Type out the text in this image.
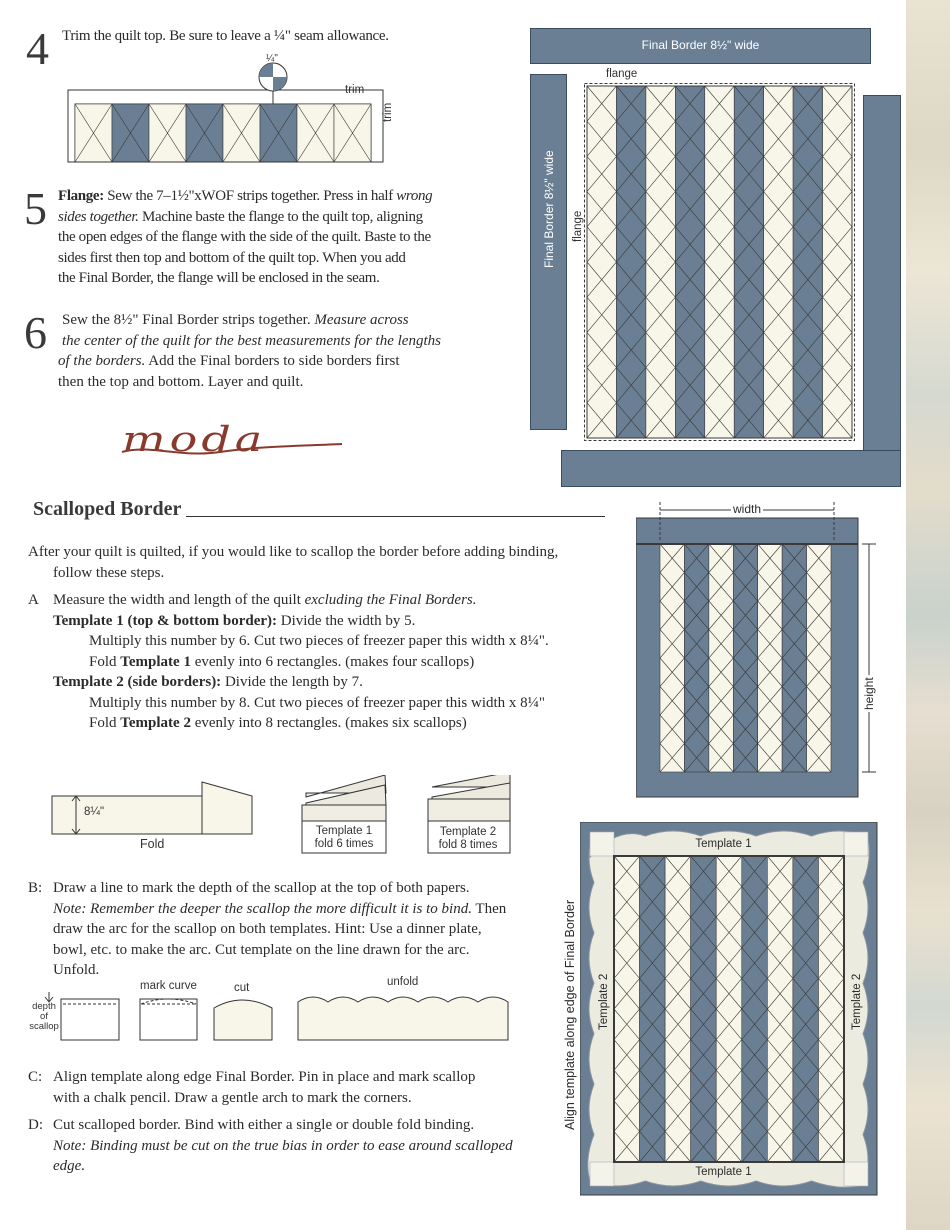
4 Trim the quilt top. Be sure to leave a ¼" seam allowance.
¼"
trim
trim
5 Flange: Sew the 7–1½"xWOF strips together. Press in half wrong
sides together. Machine baste the flange to the quilt top, aligning
the open edges of the flange with the side of the quilt. Baste to the
sides first then top and bottom of the quilt top. When you add
the Final Border, the flange will be enclosed in the seam.
6 Sew the 8½" Final Border strips together. Measure across
the center of the quilt for the best measurements for the lengths
of the borders. Add the Final borders to side borders first
then the top and bottom. Layer and quilt.
moda
Final Border 8½" wide
Final Border 8½" wide
flange
flange
Scalloped Border
After your quilt is quilted, if you would like to scallop the border before adding binding,
follow these steps.
A Measure the width and length of the quilt excluding the Final Borders.
Template 1 (top & bottom border): Divide the width by 5.
Multiply this number by 6. Cut two pieces of freezer paper this width x 8¼".
Fold Template 1 evenly into 6 rectangles. (makes four scallops)
Template 2 (side borders): Divide the length by 7.
Multiply this number by 8. Cut two pieces of freezer paper this width x 8¼"
Fold Template 2 evenly into 8 rectangles. (makes six scallops)
width
height
8¼"
Fold
Template 1
fold 6 times
Template 2
fold 8 times
B: Draw a line to mark the depth of the scallop at the top of both papers.
Note: Remember the deeper the scallop the more difficult it is to bind. Then
draw the arc for the scallop on both templates. Hint: Use a dinner plate,
bowl, etc. to make the arc. Cut template on the line drawn for the arc.
Unfold.
depth
of
scallop
mark curve	cut	unfold
C: Align template along edge Final Border. Pin in place and mark scallop
with a chalk pencil. Draw a gentle arch to mark the corners.
D: Cut scalloped border. Bind with either a single or double fold binding.
Note: Binding must be cut on the true bias in order to ease around scalloped
edge.
Template 1
Template 1
Template 2	Template 2
Align template along edge of Final Border
